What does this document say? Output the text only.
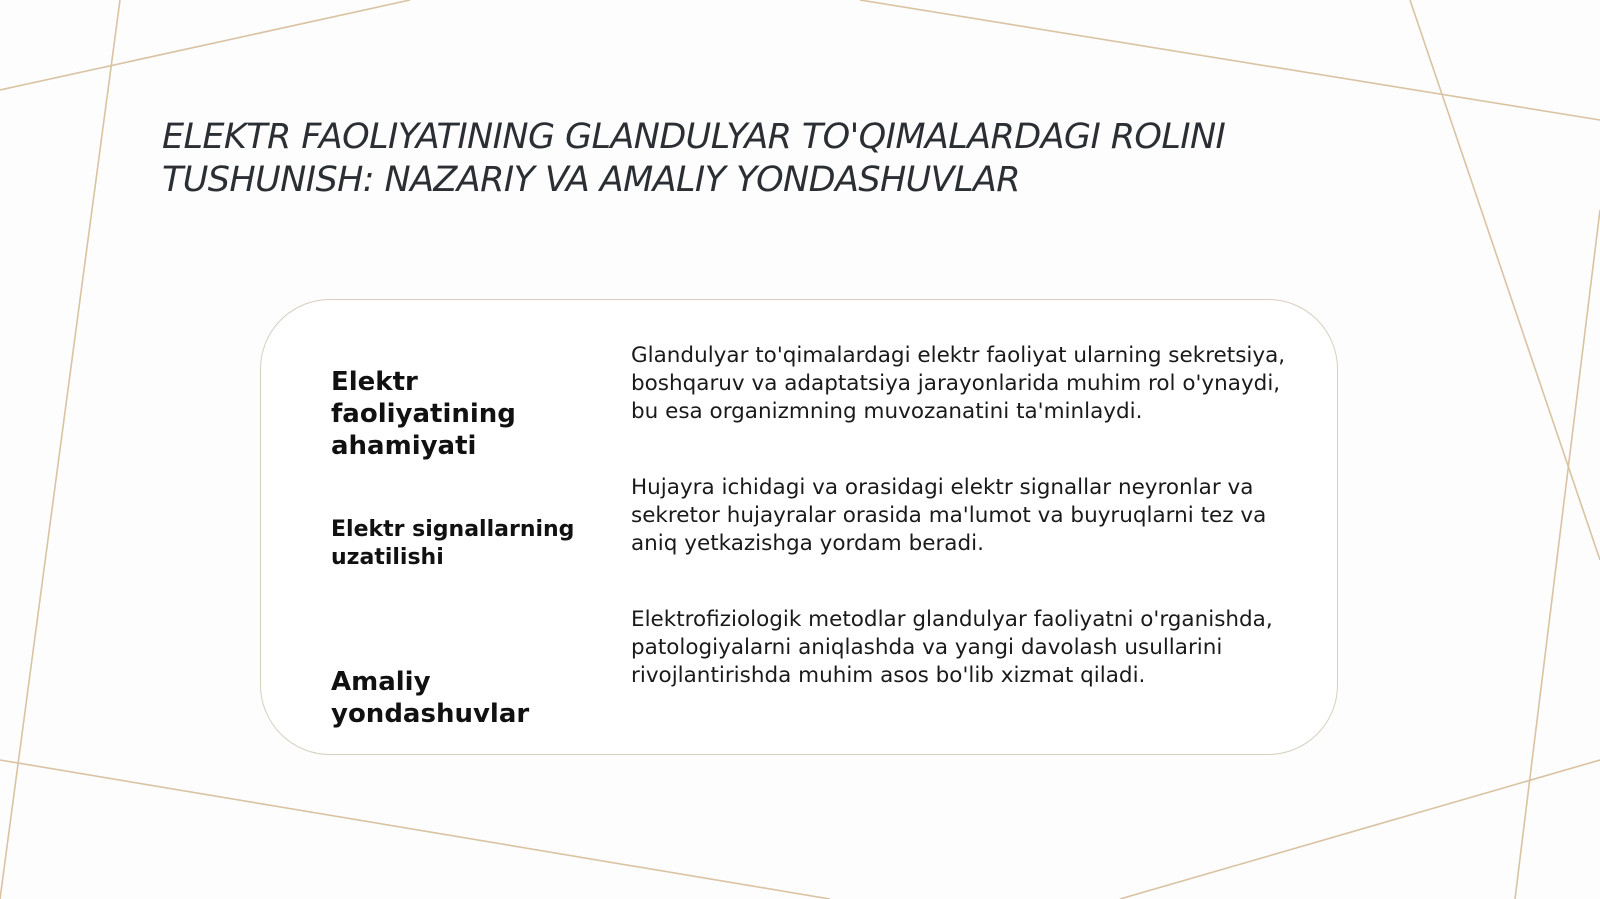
ELEKTR FAOLIYATINING GLANDULYAR TO'QIMALARDAGI ROLINI
TUSHUNISH: NAZARIY VA AMALIY YONDASHUVLAR

Elektr faoliyatining ahamiyati

Glandulyar to'qimalardagi elektr faoliyat ularning sekretsiya, boshqaruv va adaptatsiya jarayonlarida muhim rol o'ynaydi, bu esa organizmning muvozanatini ta'minlaydi.

Elektr signallarning uzatilishi

Hujayra ichidagi va orasidagi elektr signallar neyronlar va sekretor hujayralar orasida ma'lumot va buyruqlarni tez va aniq yetkazishga yordam beradi.

Amaliy yondashuvlar

Elektrofiziologik metodlar glandulyar faoliyatni o'rganishda, patologiyalarni aniqlashda va yangi davolash usullarini rivojlantirishda muhim asos bo'lib xizmat qiladi.
